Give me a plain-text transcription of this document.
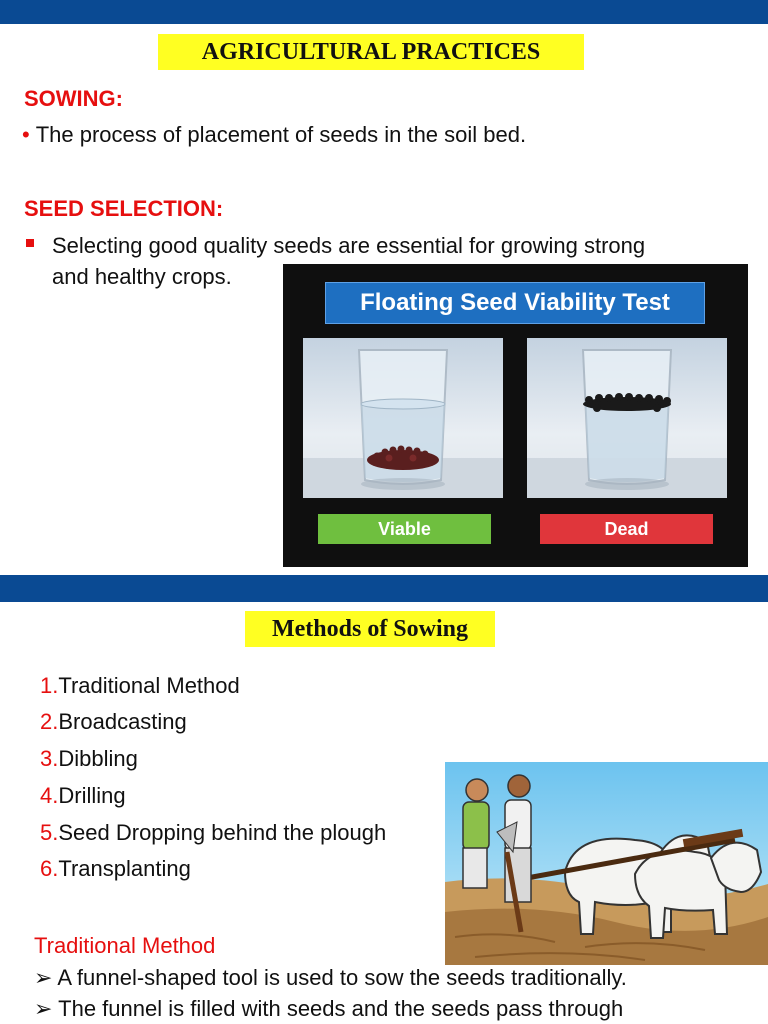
AGRICULTURAL PRACTICES
SOWING:
• The process of placement of seeds in the soil bed.
SEED SELECTION:
Selecting good quality seeds are essential for growing strong
and healthy crops.
Floating Seed Viability Test
Viable	Dead
Methods of Sowing
1.Traditional Method
2.Broadcasting
3.Dibbling
4.Drilling
5.Seed Dropping behind the plough
6.Transplanting
Traditional Method
➢ A funnel-shaped tool is used to sow the seeds traditionally.
➢ The funnel is filled with seeds and the seeds pass through
